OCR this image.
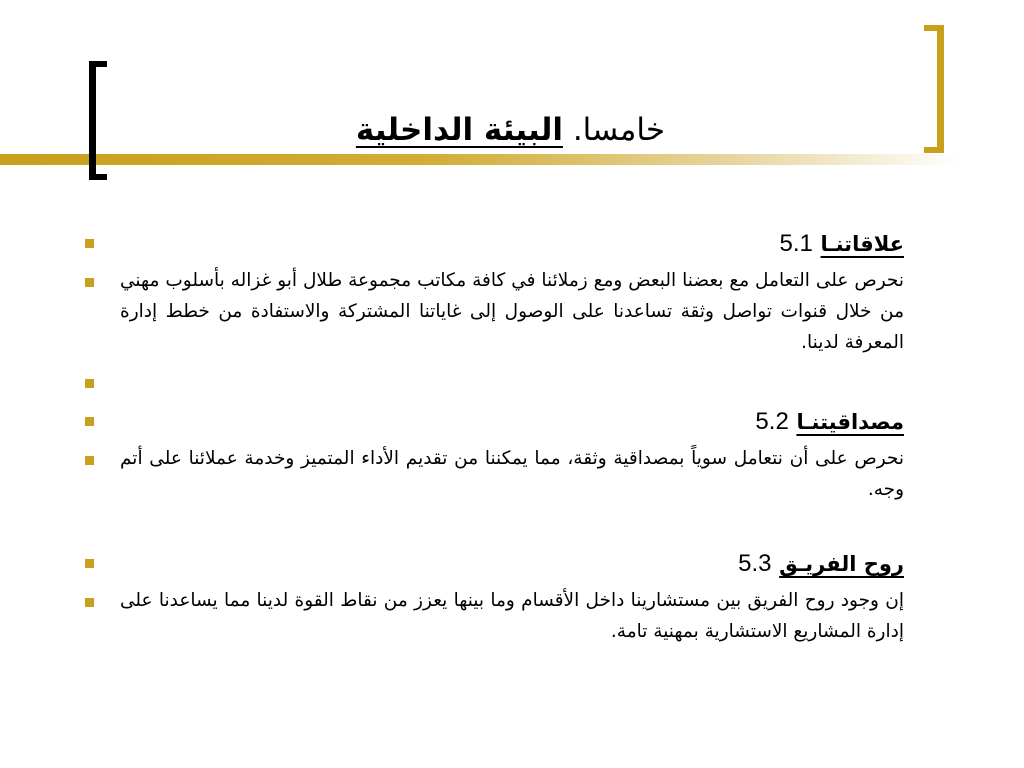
خامسا. البيئة الداخلية
علاقاتنـا 5.1
نحرص على التعامل مع بعضنا البعض ومع زملائنا في كافة مكاتب مجموعة طلال أبو غزاله بأسلوب مهني من خلال قنوات تواصل وثقة تساعدنا على الوصول إلى غاياتنا المشتركة والاستفادة من خطط إدارة المعرفة لدينا.
مصداقيتنـا 5.2
نحرص على أن نتعامل سوياً بمصداقية وثقة، مما يمكننا من تقديم الأداء المتميز وخدمة عملائنا على أتم وجه.
روح الفريـق 5.3
إن وجود روح الفريق بين مستشارينا داخل الأقسام وما بينها يعزز من نقاط القوة لدينا مما يساعدنا على إدارة المشاريع الاستشارية بمهنية تامة.
